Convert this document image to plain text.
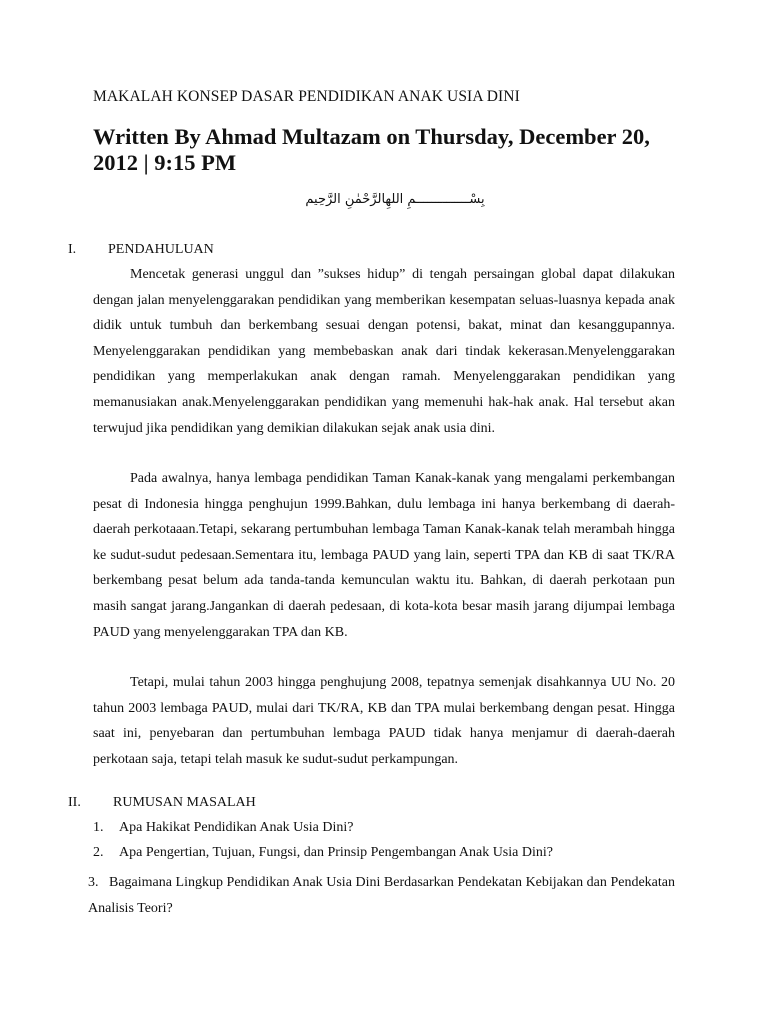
MAKALAH KONSEP DASAR PENDIDIKAN ANAK USIA DINI
Written By Ahmad Multazam on Thursday, December 20, 2012 | 9:15 PM
بِسْــــــــــــــمِ اللهِالرَّحْمٰنِ الرَّحِيم
I. PENDAHULUAN

Mencetak generasi unggul dan ”sukses hidup” di tengah persaingan global dapat dilakukan dengan jalan menyelenggarakan pendidikan yang memberikan kesempatan seluas-luasnya kepada anak didik untuk tumbuh dan berkembang sesuai dengan potensi, bakat, minat dan kesanggupannya. Menyelenggarakan pendidikan yang membebaskan anak dari tindak kekerasan.Menyelenggarakan pendidikan yang memperlakukan anak dengan ramah. Menyelenggarakan pendidikan yang memanusiakan anak.Menyelenggarakan pendidikan yang memenuhi hak-hak anak. Hal tersebut akan terwujud jika pendidikan yang demikian dilakukan sejak anak usia dini.

Pada awalnya, hanya lembaga pendidikan Taman Kanak-kanak yang mengalami perkembangan pesat di Indonesia hingga penghujun 1999.Bahkan, dulu lembaga ini hanya berkembang di daerah-daerah perkotaaan.Tetapi, sekarang pertumbuhan lembaga Taman Kanak-kanak telah merambah hingga ke sudut-sudut pedesaan.Sementara itu, lembaga PAUD yang lain, seperti TPA dan KB di saat TK/RA berkembang pesat belum ada tanda-tanda kemunculan waktu itu. Bahkan, di daerah perkotaan pun masih sangat jarang.Jangankan di daerah pedesaan, di kota-kota besar masih jarang dijumpai lembaga PAUD yang menyelenggarakan TPA dan KB.

Tetapi, mulai tahun 2003 hingga penghujung 2008, tepatnya semenjak disahkannya UU No. 20 tahun 2003 lembaga PAUD, mulai dari TK/RA, KB dan TPA mulai berkembang dengan pesat. Hingga saat ini, penyebaran dan pertumbuhan lembaga PAUD tidak hanya menjamur di daerah-daerah perkotaan saja, tetapi telah masuk ke sudut-sudut perkampungan.

II. RUMUSAN MASALAH
1. Apa Hakikat Pendidikan Anak Usia Dini?
2. Apa Pengertian, Tujuan, Fungsi, dan Prinsip Pengembangan Anak Usia Dini?
3. Bagaimana Lingkup Pendidikan Anak Usia Dini Berdasarkan Pendekatan Kebijakan dan Pendekatan Analisis Teori?
